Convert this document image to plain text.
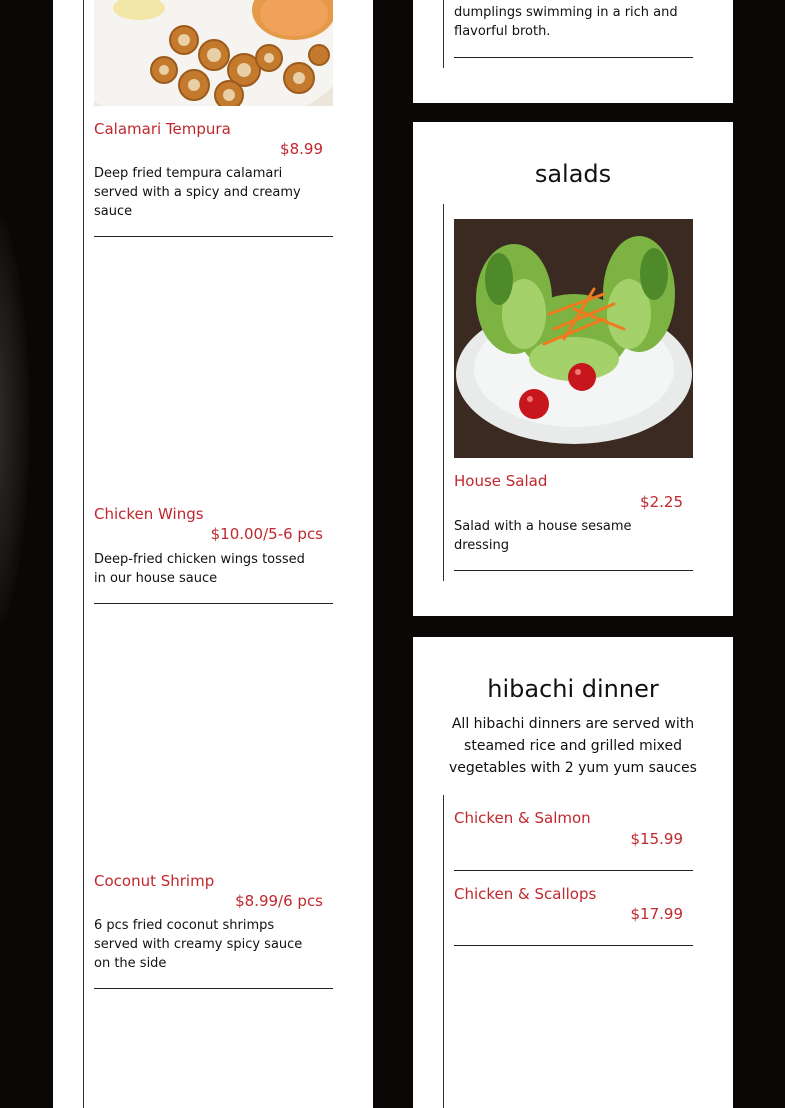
Calamari Tempura
$8.99
Deep fried tempura calamari served with a spicy and creamy sauce
Chicken Wings
$10.00/5-6 pcs
Deep-fried chicken wings tossed in our house sauce
Coconut Shrimp
$8.99/6 pcs
6 pcs fried coconut shrimps served with creamy spicy sauce on the side
dumplings swimming in a rich and flavorful broth.
salads
House Salad
$2.25
Salad with a house sesame dressing
hibachi dinner
All hibachi dinners are served with steamed rice and grilled mixed vegetables with 2 yum yum sauces
Chicken & Salmon
$15.99
Chicken & Scallops
$17.99
